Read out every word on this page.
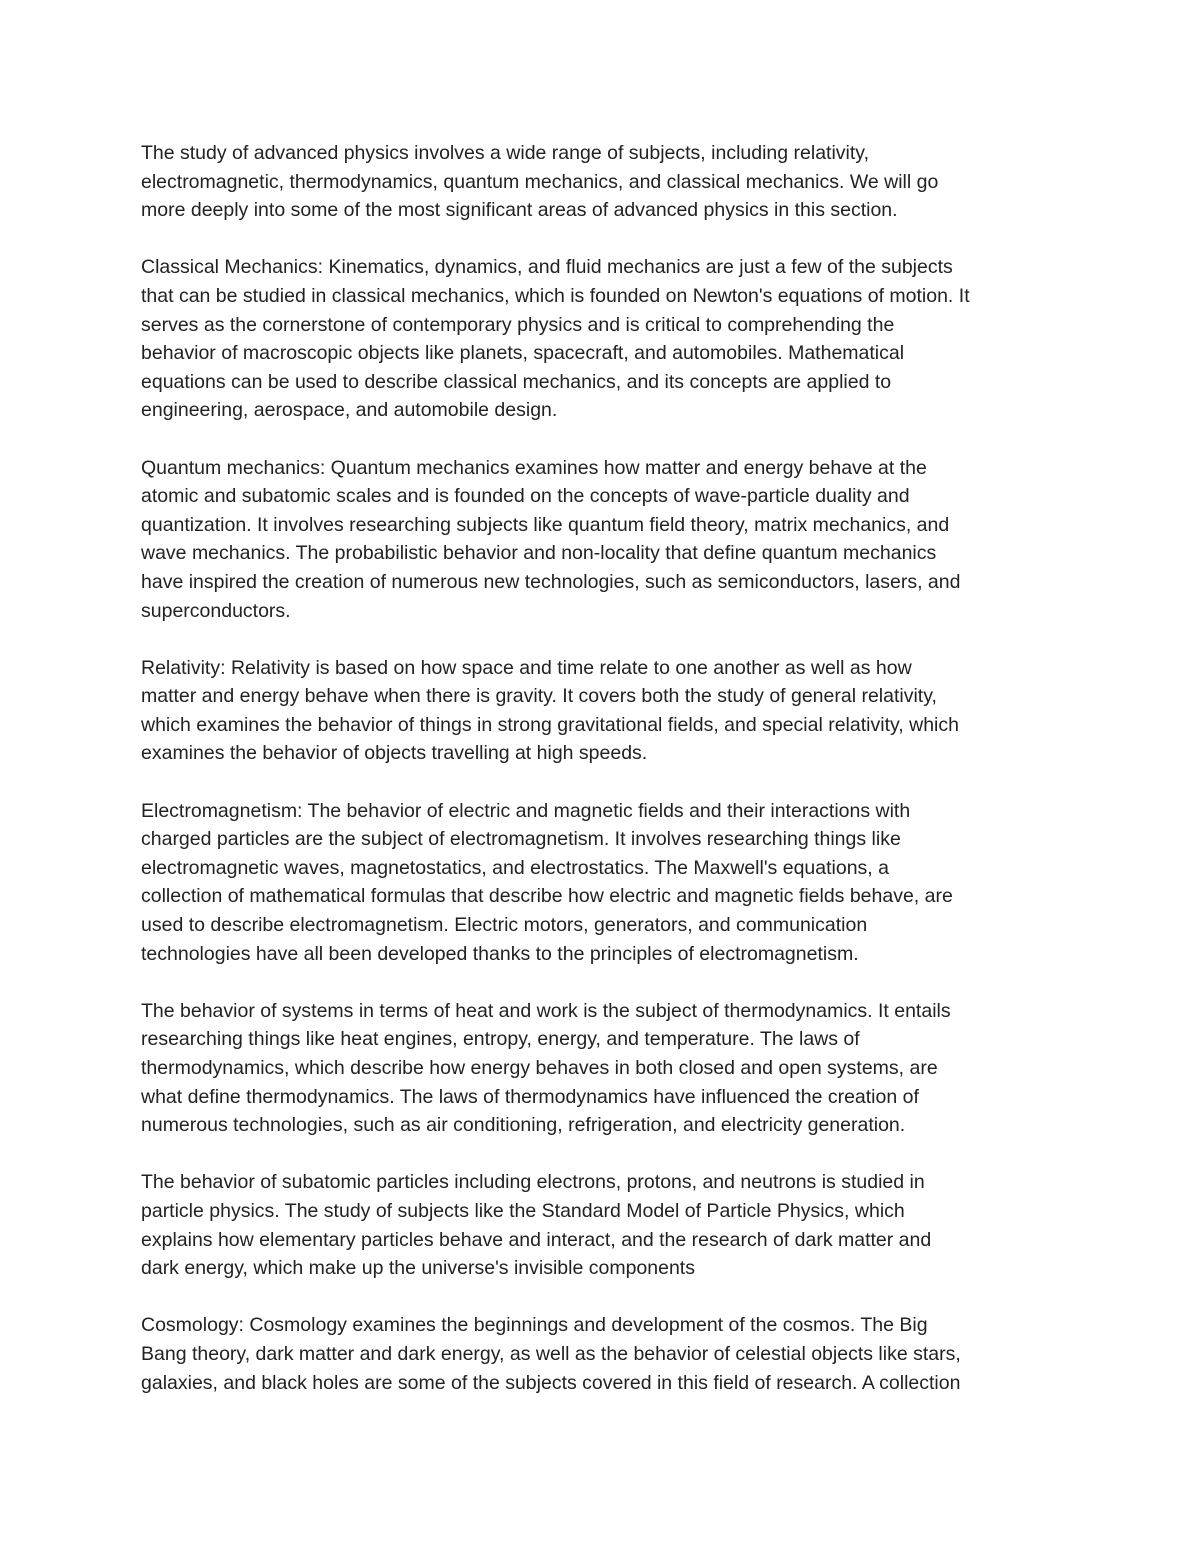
The study of advanced physics involves a wide range of subjects, including relativity,
electromagnetic, thermodynamics, quantum mechanics, and classical mechanics. We will go
more deeply into some of the most significant areas of advanced physics in this section.

Classical Mechanics: Kinematics, dynamics, and fluid mechanics are just a few of the subjects
that can be studied in classical mechanics, which is founded on Newton's equations of motion. It
serves as the cornerstone of contemporary physics and is critical to comprehending the
behavior of macroscopic objects like planets, spacecraft, and automobiles. Mathematical
equations can be used to describe classical mechanics, and its concepts are applied to
engineering, aerospace, and automobile design.

Quantum mechanics: Quantum mechanics examines how matter and energy behave at the
atomic and subatomic scales and is founded on the concepts of wave-particle duality and
quantization. It involves researching subjects like quantum field theory, matrix mechanics, and
wave mechanics. The probabilistic behavior and non-locality that define quantum mechanics
have inspired the creation of numerous new technologies, such as semiconductors, lasers, and
superconductors.

Relativity: Relativity is based on how space and time relate to one another as well as how
matter and energy behave when there is gravity. It covers both the study of general relativity,
which examines the behavior of things in strong gravitational fields, and special relativity, which
examines the behavior of objects travelling at high speeds.

Electromagnetism: The behavior of electric and magnetic fields and their interactions with
charged particles are the subject of electromagnetism. It involves researching things like
electromagnetic waves, magnetostatics, and electrostatics. The Maxwell's equations, a
collection of mathematical formulas that describe how electric and magnetic fields behave, are
used to describe electromagnetism. Electric motors, generators, and communication
technologies have all been developed thanks to the principles of electromagnetism.

The behavior of systems in terms of heat and work is the subject of thermodynamics. It entails
researching things like heat engines, entropy, energy, and temperature. The laws of
thermodynamics, which describe how energy behaves in both closed and open systems, are
what define thermodynamics. The laws of thermodynamics have influenced the creation of
numerous technologies, such as air conditioning, refrigeration, and electricity generation.

The behavior of subatomic particles including electrons, protons, and neutrons is studied in
particle physics. The study of subjects like the Standard Model of Particle Physics, which
explains how elementary particles behave and interact, and the research of dark matter and
dark energy, which make up the universe's invisible components

Cosmology: Cosmology examines the beginnings and development of the cosmos. The Big
Bang theory, dark matter and dark energy, as well as the behavior of celestial objects like stars,
galaxies, and black holes are some of the subjects covered in this field of research. A collection
